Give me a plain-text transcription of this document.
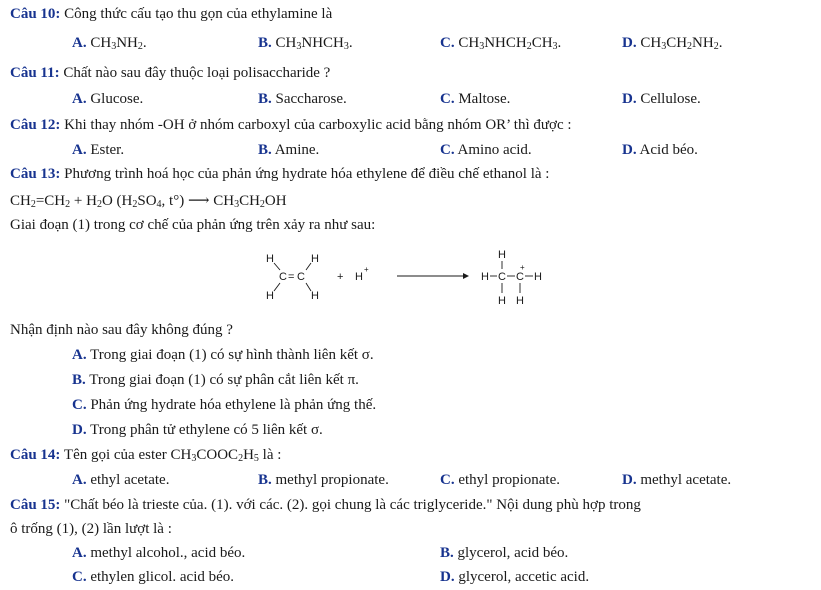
Câu 10: Công thức cấu tạo thu gọn của ethylamine là
A. $CH_3NH_2$.	B. $CH_3NHCH_3$.	C. $CH_3NHCH_2CH_3$.	D. $CH_3CH_2NH_2$.
Câu 11: Chất nào sau đây thuộc loại polisaccharide ?
A. Glucose.	B. Saccharose.	C. Maltose.	D. Cellulose.
Câu 12: Khi thay nhóm -OH ở nhóm carboxyl của carboxylic acid bằng nhóm OR’ thì được :
A. Ester.	B. Amine.	C. Amino acid.	D. Acid béo.
Câu 13: Phương trình hoá học của phản ứng hydrate hóa ethylene để điều chế ethanol là :
$CH_2=CH_2 + H_2O$ ($H_2SO_4$, t°) ⟶ $CH_3CH_2OH$
Giai đoạn (1) trong cơ chế của phản ứng trên xảy ra như sau:
H
H
C = C
H
H
+ H
+
H C C
+
H
H
H H
Nhận định nào sau đây không đúng ?
A. Trong giai đoạn (1) có sự hình thành liên kết σ.
B. Trong giai đoạn (1) có sự phân cắt liên kết π.
C. Phản ứng hydrate hóa ethylene là phản ứng thế.
D. Trong phân tử ethylene có 5 liên kết σ.
Câu 14: Tên gọi của ester $CH_3COOC_2H_5$ là :
A. ethyl acetate.	B. methyl propionate.	C. ethyl propionate.	D. methyl acetate.
Câu 15: "Chất béo là trieste của. (1). với các. (2). gọi chung là các triglyceride." Nội dung phù hợp trong
ô trống (1), (2) lần lượt là :
A. methyl alcohol., acid béo.	B. glycerol, acid béo.
C. ethylen glicol. acid béo.	D. glycerol, accetic acid.
